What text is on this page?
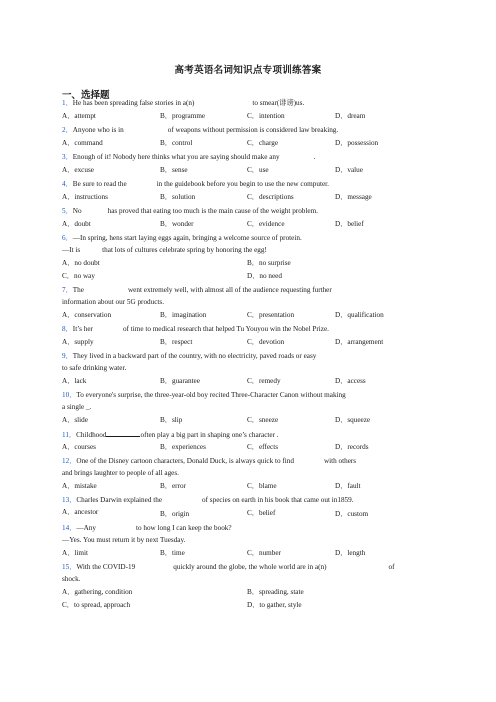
高考英语名词知识点专项训练答案
一、选择题
1．He has been spreading false stories in a(n)	to smear(诽谤)us.
A．attempt	B．programme	C．intention	D．dream
2．Anyone who is in	of weapons without permission is considered law breaking.
A．command	B．control	C．charge	D．possession
3．Enough of it! Nobody here thinks what you are saying should make any	.
A．excuse	B．sense	C．use	D．value
4．Be sure to read the	in the guidebook before you begin to use the new computer.
A．instructions	B．solution	C．descriptions	D．message
5．No	has proved that eating too much is the main cause of the weight problem.
A．doubt	B．wonder	C．evidence	D．belief
6．—In spring, hens start laying eggs again, bringing a welcome source of protein.
—It is	that lots of cultures celebrate spring by honoring the egg!
A．no doubt	B．no surprise
C．no way	D．no need
7．The	went extremely well, with almost all of the audience requesting further
information about our 5G products.
A．conservation	B．imagination	C．presentation	D．qualification
8．It’s her	of time to medical research that helped Tu Youyou win the Nobel Prize.
A．supply	B．respect	C．devotion	D．arrangement
9．They lived in a backward part of the country, with no electricity, paved roads or easy
to safe drinking water.
A．lack	B．guarantee	C．remedy	D．access
10．To everyone's surprise, the three-year-old boy recited Three-Character Canon without making
a single _.
A．slide	B．slip	C．sneeze	D．squeeze
11．Childhood	often play a big part in shaping one’s character .
A．courses	B．experiences	C．effects	D．records
12．One of the Disney cartoon characters, Donald Duck, is always quick to find	with others
and brings laughter to people of all ages.
A．mistake	B．error	C．blame	D．fault
13．Charles Darwin explained the	of species on earth in his book that came out in1859.
A．ancestor	B．origin	C．belief	D．custom
14．—Any	to how long I can keep the book?
—Yes. You must return it by next Tuesday.
A．limit	B．time	C．number	D．length
15．With the COVID-19	quickly around the globe, the whole world are in a(n)	of
shock.
A．gathering, condition	B．spreading, state
C．to spread, approach	D．to gather, style
